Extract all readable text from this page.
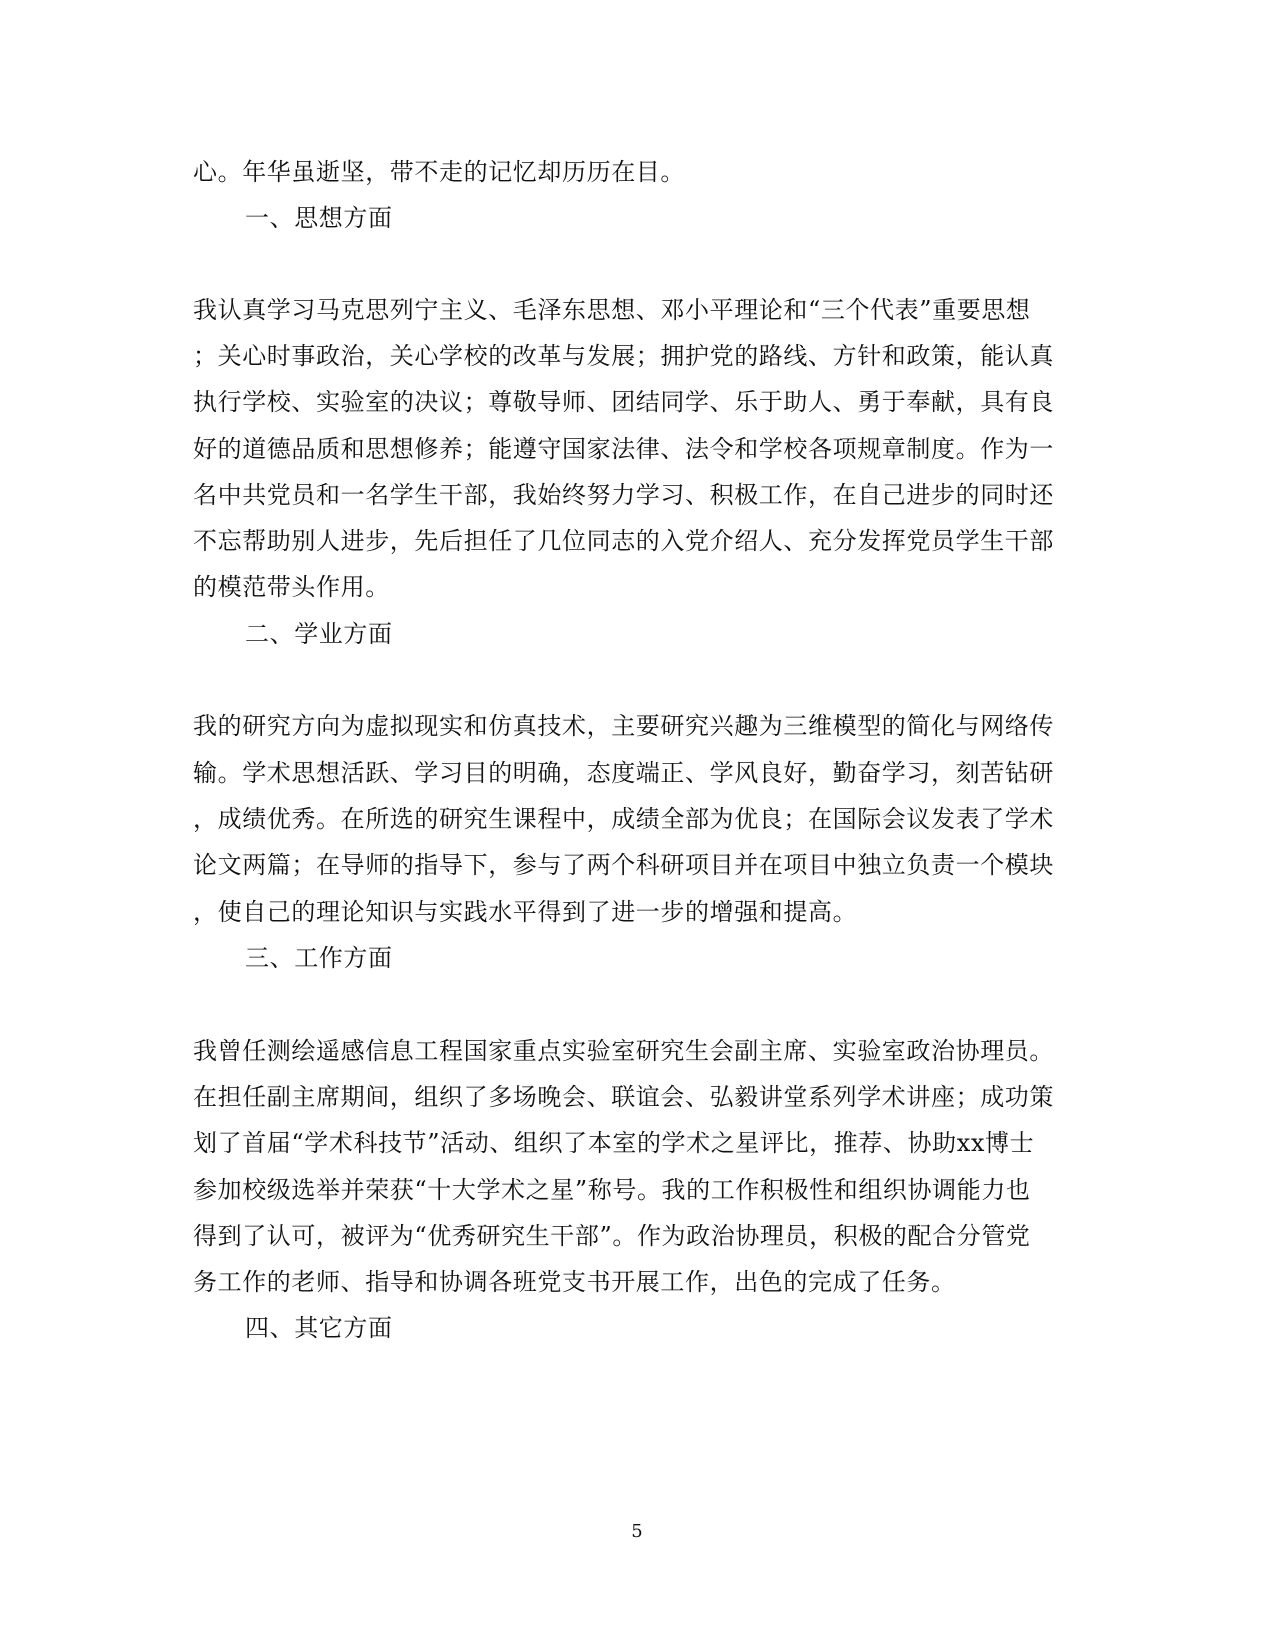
心。年华虽逝坚，带不走的记忆却历历在目。
一、思想方面
我认真学习马克思列宁主义、毛泽东思想、邓小平理论和“三个代表”重要思想
；关心时事政治，关心学校的改革与发展；拥护党的路线、方针和政策，能认真
执行学校、实验室的决议；尊敬导师、团结同学、乐于助人、勇于奉献，具有良
好的道德品质和思想修养；能遵守国家法律、法令和学校各项规章制度。作为一
名中共党员和一名学生干部，我始终努力学习、积极工作，在自己进步的同时还
不忘帮助别人进步，先后担任了几位同志的入党介绍人、充分发挥党员学生干部
的模范带头作用。
二、学业方面
我的研究方向为虚拟现实和仿真技术，主要研究兴趣为三维模型的简化与网络传
输。学术思想活跃、学习目的明确，态度端正、学风良好，勤奋学习，刻苦钻研
，成绩优秀。在所选的研究生课程中，成绩全部为优良；在国际会议发表了学术
论文两篇；在导师的指导下，参与了两个科研项目并在项目中独立负责一个模块
，使自己的理论知识与实践水平得到了进一步的增强和提高。
三、工作方面
我曾任测绘遥感信息工程国家重点实验室研究生会副主席、实验室政治协理员。
在担任副主席期间，组织了多场晚会、联谊会、弘毅讲堂系列学术讲座；成功策
划了首届“学术科技节”活动、组织了本室的学术之星评比，推荐、协助xx博士
参加校级选举并荣获“十大学术之星”称号。我的工作积极性和组织协调能力也
得到了认可，被评为“优秀研究生干部”。作为政治协理员，积极的配合分管党
务工作的老师、指导和协调各班党支书开展工作，出色的完成了任务。
四、其它方面
5
